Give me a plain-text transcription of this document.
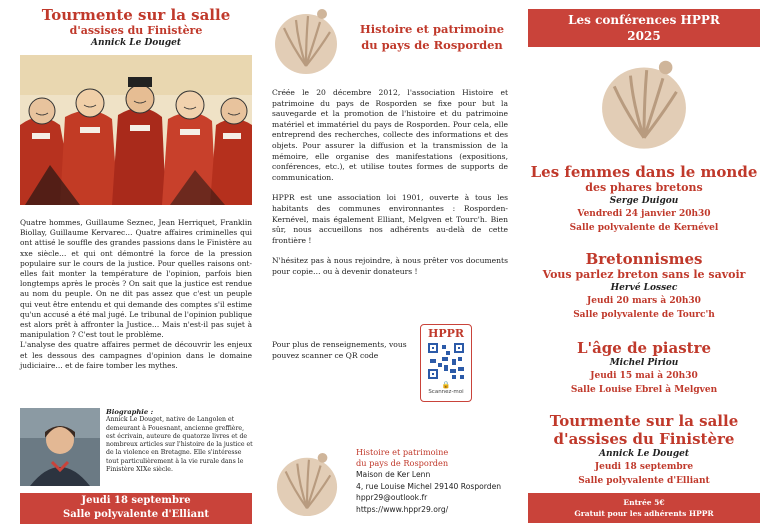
Tourmente sur la salle
d'assises du Finistère
Annick Le Douget

Quatre hommes, Guillaume Seznec, Jean Herriquet, Franklin Biollay, Guillaume Kervarec… Quatre affaires criminelles qui ont attisé le souffle des grandes passions dans le Finistère au xxe siècle… et qui ont démontré la force de la pression populaire sur le cours de la justice. Pour quelles raisons ont-elles fait monter la température de l'opinion, parfois bien longtemps après le procès ? On sait que la justice est rendue au nom du peuple. On ne dit pas assez que c'est un peuple qui veut être entendu et qui demande des comptes s'il estime qu'un accusé a été mal jugé. Le tribunal de l'opinion publique est alors prêt à affronter la Justice… Mais n'est-il pas sujet à manipulation ? C'est tout le problème.

L'analyse des quatre affaires permet de découvrir les enjeux et les dessous des campagnes d'opinion dans le domaine judiciaire… et de faire tomber les mythes.

Biographie :
Annick Le Douget, native de Langolen et demeurant à Fouesnant, ancienne greffière, est écrivain, auteure de quatorze livres et de nombreux articles sur l'histoire de la justice et de la violence en Bretagne. Elle s'intéresse tout particulièrement à la vie rurale dans le Finistère XIXe siècle.
Jeudi 18 septembre
Salle polyvalente d'Elliant
Histoire et patrimoine
du pays de Rosporden

Créée le 20 décembre 2012, l'association Histoire et patrimoine du pays de Rosporden se fixe pour but la sauvegarde et la promotion de l'histoire et du patrimoine matériel et immatériel du pays de Rosporden. Pour cela, elle entreprend des recherches, collecte des informations et des objets. Pour assurer la diffusion et la transmission de la mémoire, elle organise des manifestations (expositions, conférences, etc.), et utilise toutes formes de supports de communication.

HPPR est une association loi 1901, ouverte à tous les habitants des communes environnantes : Rosporden-Kernével, mais également Elliant, Melgven et Tourc'h. Bien sûr, nous accueillons nos adhérents au-delà de cette frontière !

N'hésitez pas à nous rejoindre, à nous prêter vos documents pour copie… ou à devenir donateurs !

Pour plus de renseignements, vous pouvez scanner ce QR code
HPPR
🔒
Scannez-moi
Histoire et patrimoine
du pays de Rosporden
Maison de Ker Lenn
4, rue Louise Michel 29140 Rosporden
hppr29@outlook.fr
https://www.hppr29.org/
Les conférences HPPR
2025
Les femmes dans le monde
des phares bretons
Serge Duigou
Vendredi 24 janvier 20h30
Salle polyvalente de Kernével
Bretonnismes
Vous parlez breton sans le savoir
Hervé Lossec
Jeudi 20 mars à 20h30
Salle polyvalente de Tourc'h
L'âge de piastre
Michel Piriou
Jeudi 15 mai à 20h30
Salle Louise Ebrel à Melgven
Tourmente sur la salle
d'assises du Finistère
Annick Le Douget
Jeudi 18 septembre
Salle polyvalente d'Elliant
Entrée 5€
Gratuit pour les adhérents HPPR
